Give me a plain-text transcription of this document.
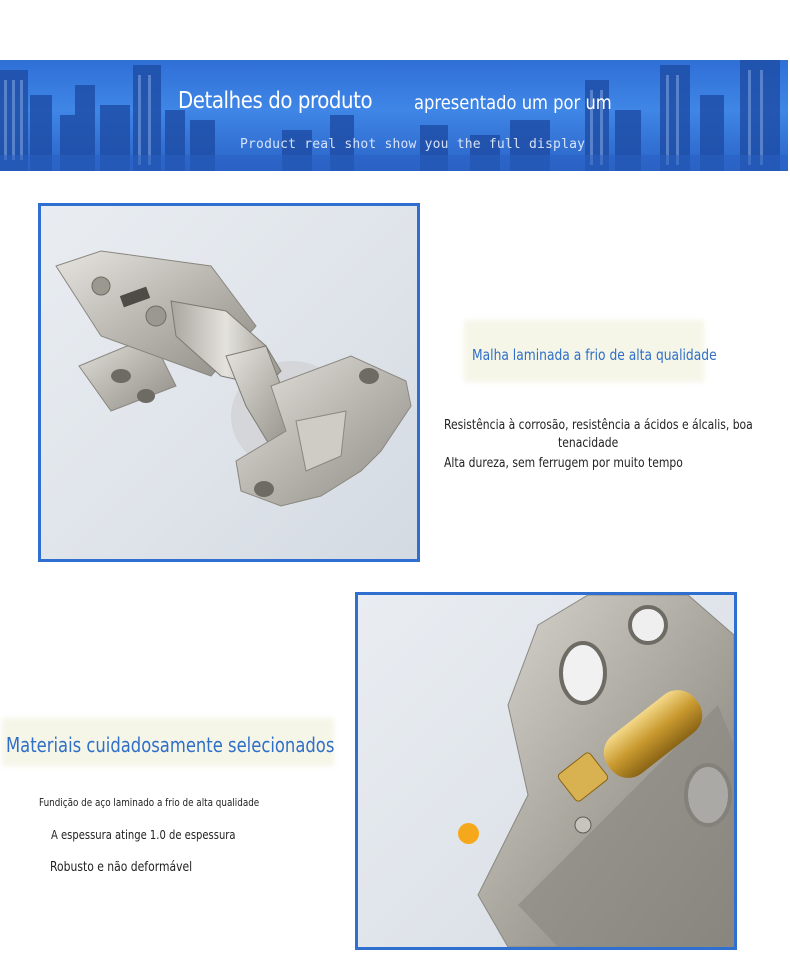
Detalhes do produto apresentado um por um
Product real shot show you the full display
Malha laminada a frio de alta qualidade
Resistência à corrosão, resistência a ácidos e álcalis, boa
tenacidade
Alta dureza, sem ferrugem por muito tempo
Materiais cuidadosamente selecionados
Fundição de aço laminado a frio de alta qualidade
A espessura atinge 1.0 de espessura
Robusto e não deformável
